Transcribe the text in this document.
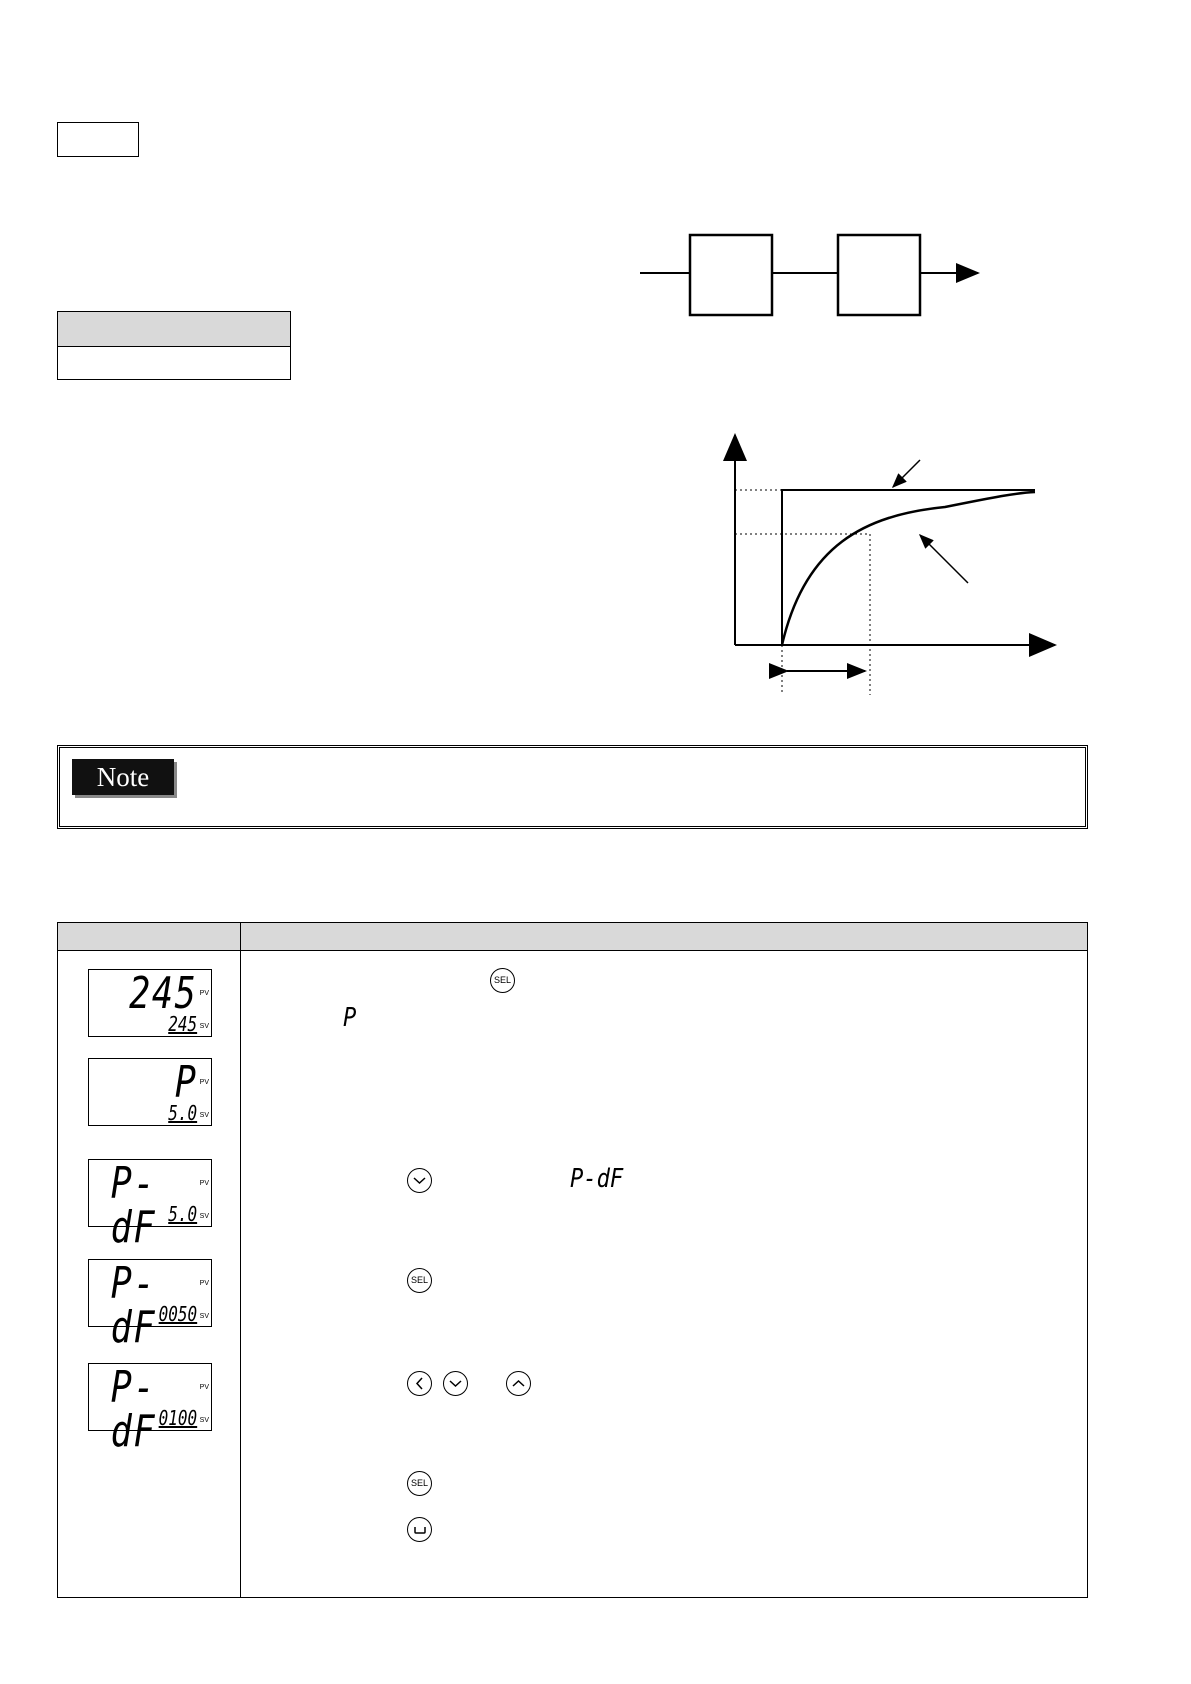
Note
245 PV
245 SV
P PV
5.0 SV
P-dF
PV
5.0 SV
P-dF
PV
0050 SV
P-dF
PV
0100 SV
SEL
P
P-dF
SEL
SEL
